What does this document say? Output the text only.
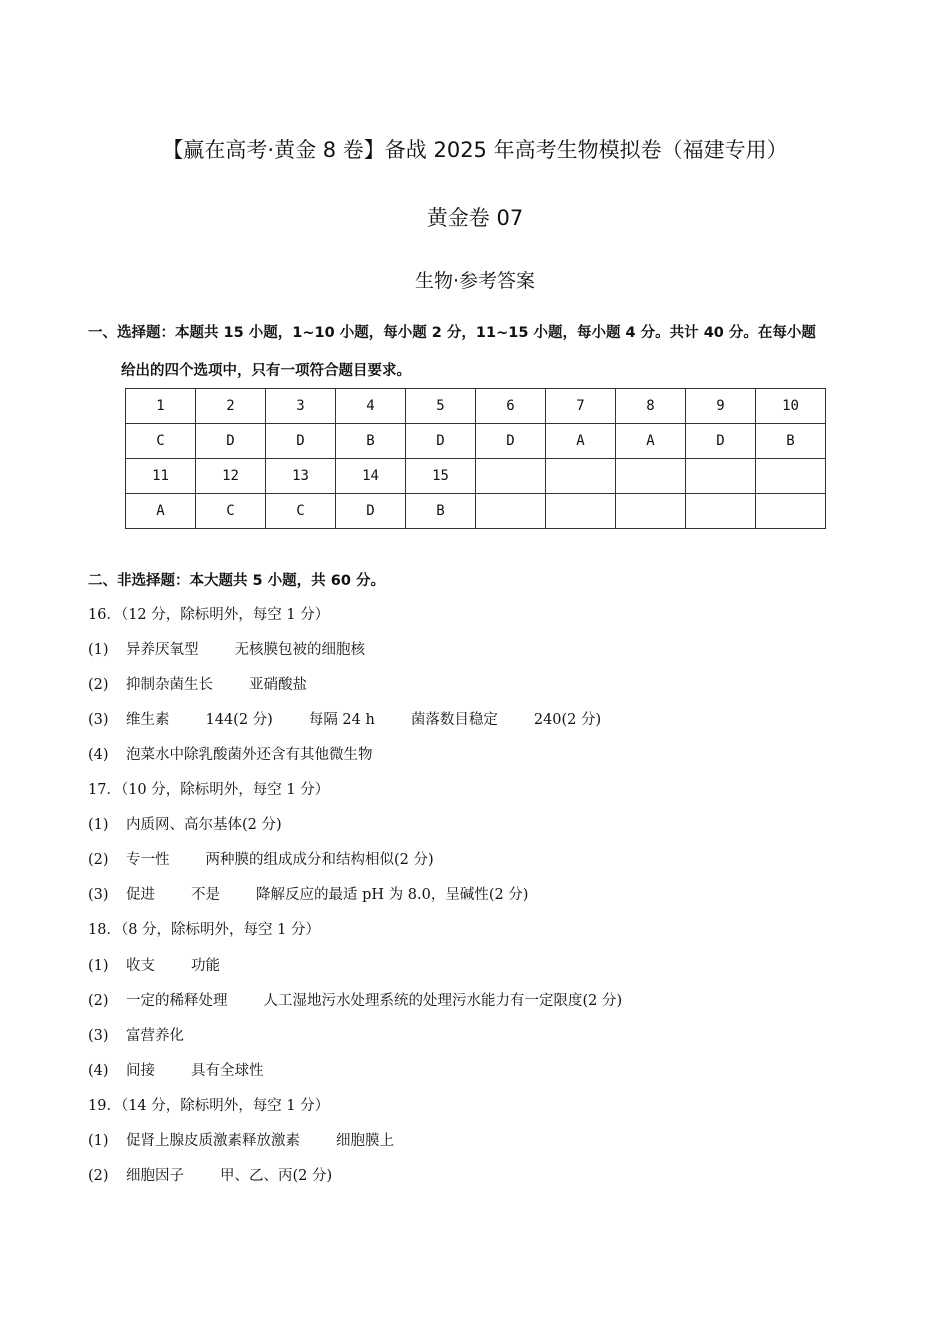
【赢在高考·黄金 8 卷】备战 2025 年高考生物模拟卷（福建专用）
黄金卷 07
生物·参考答案
一、选择题：本题共 15 小题，1~10 小题，每小题 2 分，11~15 小题，每小题 4 分。共计 40 分。在每小题
给出的四个选项中，只有一项符合题目要求。
1	2	3	4	5	6	7	8	9	10
C	D	D	B	D	D	A	A	D	B
11	12	13	14	15					
A	C	C	D	B					
二、非选择题：本大题共 5 小题，共 60 分。
16．（12 分，除标明外，每空 1 分）
(1) 异养厌氧型 无核膜包被的细胞核
(2) 抑制杂菌生长 亚硝酸盐
(3) 维生素 144(2 分) 每隔 24 h 菌落数目稳定 240(2 分)
(4) 泡菜水中除乳酸菌外还含有其他微生物
17．（10 分，除标明外，每空 1 分）
(1) 内质网、高尔基体(2 分)
(2) 专一性 两种膜的组成成分和结构相似(2 分)
(3) 促进 不是 降解反应的最适 pH 为 8.0，呈碱性(2 分)
18．（8 分，除标明外，每空 1 分）
(1) 收支 功能
(2) 一定的稀释处理 人工湿地污水处理系统的处理污水能力有一定限度(2 分)
(3) 富营养化
(4) 间接 具有全球性
19．（14 分，除标明外，每空 1 分）
(1) 促肾上腺皮质激素释放激素 细胞膜上
(2) 细胞因子 甲、乙、丙(2 分)
